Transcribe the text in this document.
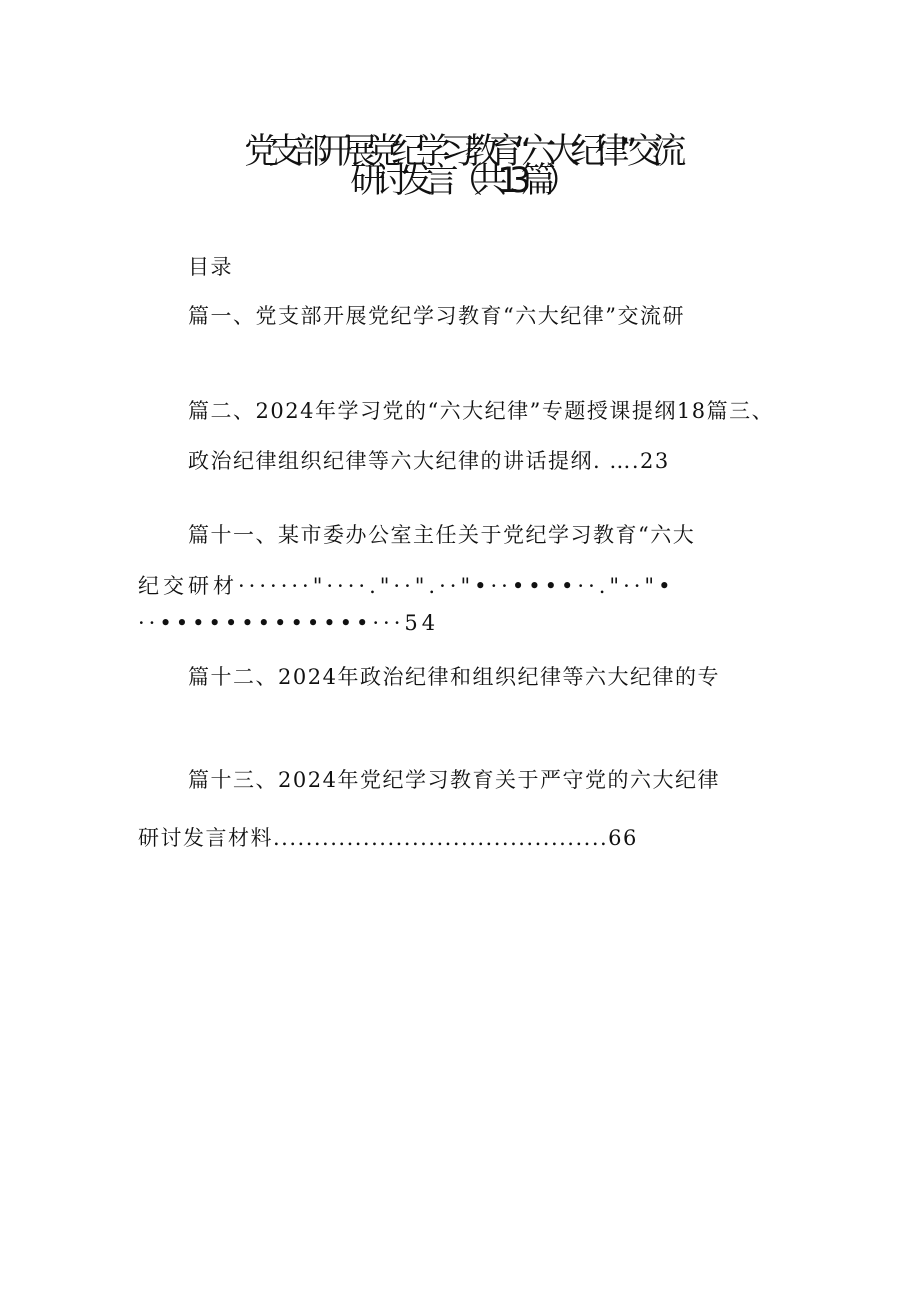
党支部开展党纪学习教育“六大纪律”交流
研讨发言（共13篇）
目录
篇一、党支部开展党纪学习教育“六大纪律”交流研
篇二、2024年学习党的“六大纪律”专题授课提纲18篇三、
政治纪律组织纪律等六大纪律的讲话提纲. ….23
篇十一、某市委办公室主任关于党纪学习教育“六大
纪交研材·······"····."··".··"•··••••··."··"•
··•••••••••••••···54
篇十二、2024年政治纪律和组织纪律等六大纪律的专
篇十三、2024年党纪学习教育关于严守党的六大纪律
研讨发言材料.........................................66
